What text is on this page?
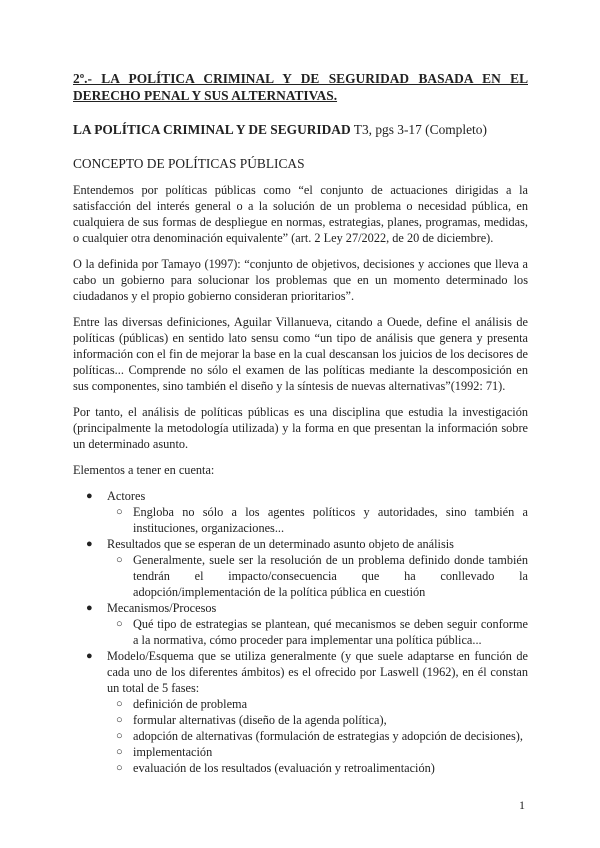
2º.- LA POLÍTICA CRIMINAL Y DE SEGURIDAD BASADA EN EL DERECHO PENAL Y SUS ALTERNATIVAS.
LA POLÍTICA CRIMINAL Y DE SEGURIDAD T3, pgs 3-17 (Completo)
CONCEPTO DE POLÍTICAS PÚBLICAS

Entendemos por políticas públicas como “el conjunto de actuaciones dirigidas a la satisfacción del interés general o a la solución de un problema o necesidad pública, en cualquiera de sus formas de despliegue en normas, estrategias, planes, programas, medidas, o cualquier otra denominación equivalente” (art. 2 Ley 27/2022, de 20 de diciembre).

O la definida por Tamayo (1997): “conjunto de objetivos, decisiones y acciones que lleva a cabo un gobierno para solucionar los problemas que en un momento determinado los ciudadanos y el propio gobierno consideran prioritarios”.

Entre las diversas definiciones, Aguilar Villanueva, citando a Ouede, define el análisis de políticas (públicas) en sentido lato sensu como “un tipo de análisis que genera y presenta información con el fin de mejorar la base en la cual descansan los juicios de los decisores de políticas... Comprende no sólo el examen de las políticas mediante la descomposición en sus componentes, sino también el diseño y la síntesis de nuevas alternativas”(1992: 71).

Por tanto, el análisis de políticas públicas es una disciplina que estudia la investigación (principalmente la metodología utilizada) y la forma en que presentan la información sobre un determinado asunto.

Elementos a tener en cuenta:

● Actores
○ Engloba no sólo a los agentes políticos y autoridades, sino también a instituciones, organizaciones...
● Resultados que se esperan de un determinado asunto objeto de análisis
○ Generalmente, suele ser la resolución de un problema definido donde también tendrán el impacto/consecuencia que ha conllevado la adopción/implementación de la política pública en cuestión
● Mecanismos/Procesos
○ Qué tipo de estrategias se plantean, qué mecanismos se deben seguir conforme a la normativa, cómo proceder para implementar una política pública...
● Modelo/Esquema que se utiliza generalmente (y que suele adaptarse en función de cada uno de los diferentes ámbitos) es el ofrecido por Laswell (1962), en él constan un total de 5 fases:
○ definición de problema
○ formular alternativas (diseño de la agenda política),
○ adopción de alternativas (formulación de estrategias y adopción de decisiones),
○ implementación
○ evaluación de los resultados (evaluación y retroalimentación)
1
